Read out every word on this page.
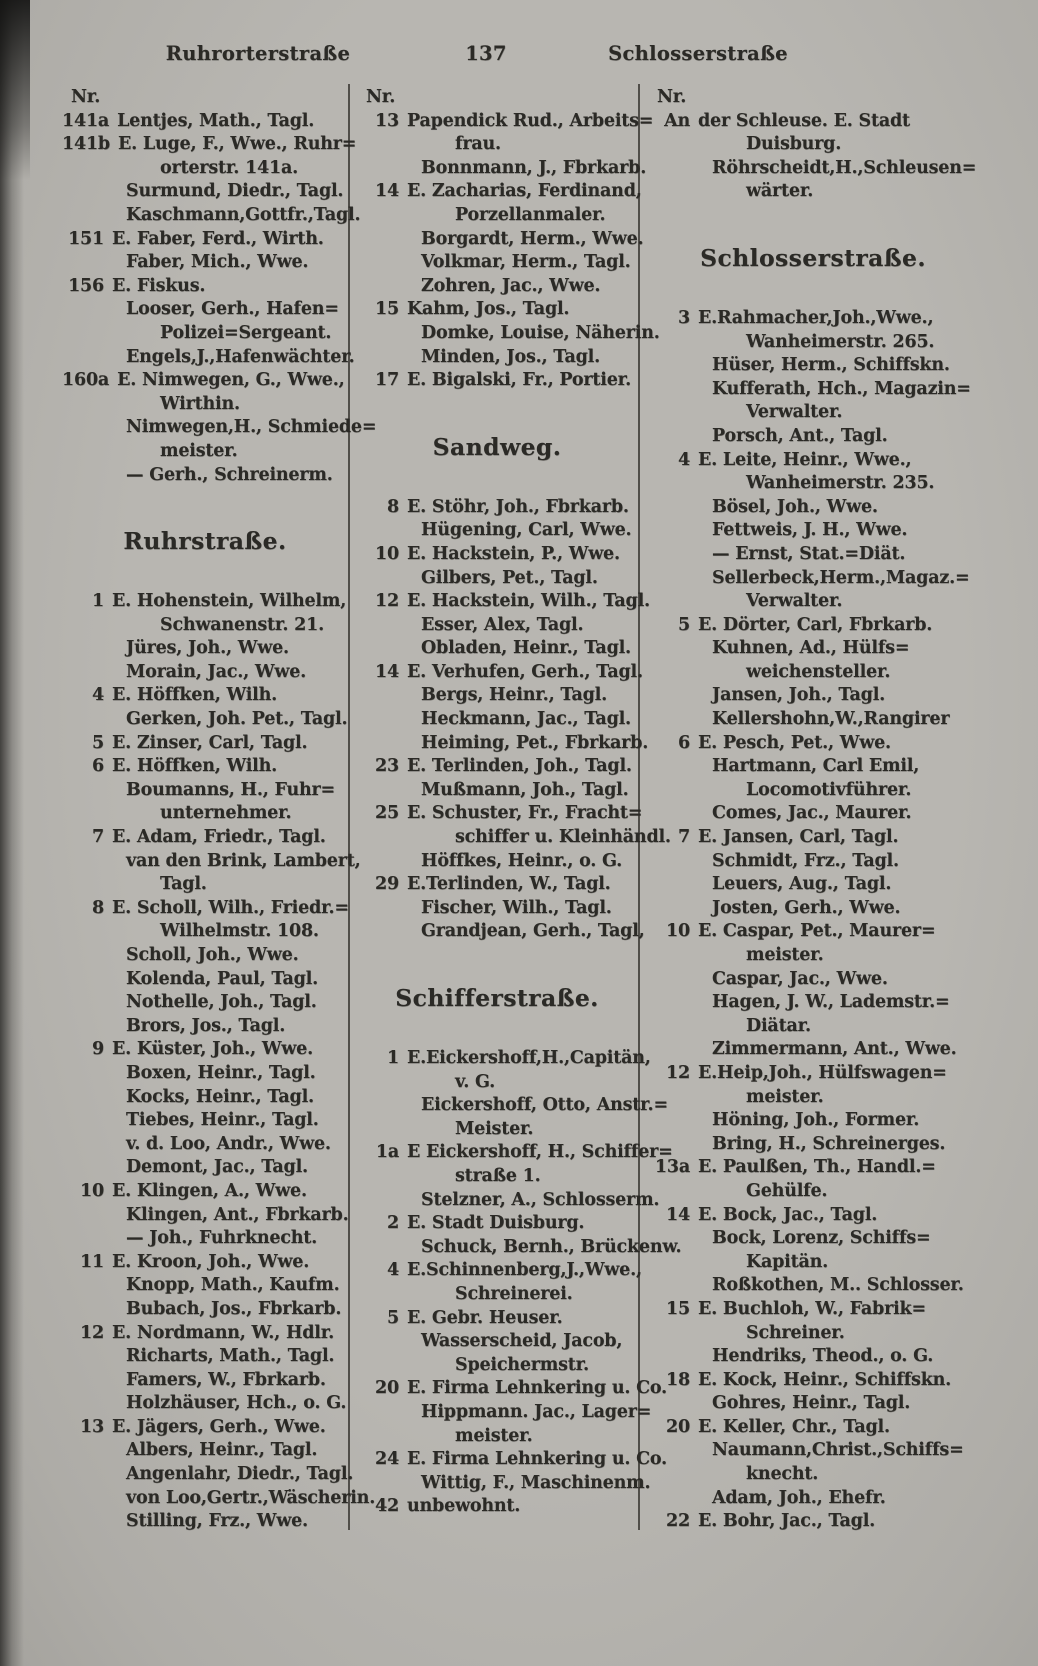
Ruhrorterstraße	137	Schlosserstraße
Nr.
141a Lentjes, Math., Tagl.
141b E. Luge, F., Wwe., Ruhr=
orterstr. 141a.
Surmund, Diedr., Tagl.
Kaschmann,Gottfr.,Tagl.
151 E. Faber, Ferd., Wirth.
Faber, Mich., Wwe.
156 E. Fiskus.
Looser, Gerh., Hafen=
Polizei=Sergeant.
Engels,J.,Hafenwächter.
160a E. Nimwegen, G., Wwe.,
Wirthin.
Nimwegen,H., Schmiede=
meister.
— Gerh., Schreinerm.
Ruhrstraße.
1 E. Hohenstein, Wilhelm,
Schwanenstr. 21.
Jüres, Joh., Wwe.
Morain, Jac., Wwe.
4 E. Höffken, Wilh.
Gerken, Joh. Pet., Tagl.
5 E. Zinser, Carl, Tagl.
6 E. Höffken, Wilh.
Boumanns, H., Fuhr=
unternehmer.
7 E. Adam, Friedr., Tagl.
van den Brink, Lambert,
Tagl.
8 E. Scholl, Wilh., Friedr.=
Wilhelmstr. 108.
Scholl, Joh., Wwe.
Kolenda, Paul, Tagl.
Nothelle, Joh., Tagl.
Brors, Jos., Tagl.
9 E. Küster, Joh., Wwe.
Boxen, Heinr., Tagl.
Kocks, Heinr., Tagl.
Tiebes, Heinr., Tagl.
v. d. Loo, Andr., Wwe.
Demont, Jac., Tagl.
10 E. Klingen, A., Wwe.
Klingen, Ant., Fbrkarb.
— Joh., Fuhrknecht.
11 E. Kroon, Joh., Wwe.
Knopp, Math., Kaufm.
Bubach, Jos., Fbrkarb.
12 E. Nordmann, W., Hdlr.
Richarts, Math., Tagl.
Famers, W., Fbrkarb.
Holzhäuser, Hch., o. G.
13 E. Jägers, Gerh., Wwe.
Albers, Heinr., Tagl.
Angenlahr, Diedr., Tagl.
von Loo,Gertr.,Wäscherin.
Stilling, Frz., Wwe.
Nr.
13 Papendick Rud., Arbeits=
frau.
Bonnmann, J., Fbrkarb.
14 E. Zacharias, Ferdinand,
Porzellanmaler.
Borgardt, Herm., Wwe.
Volkmar, Herm., Tagl.
Zohren, Jac., Wwe.
15 Kahm, Jos., Tagl.
Domke, Louise, Näherin.
Minden, Jos., Tagl.
17 E. Bigalski, Fr., Portier.
Sandweg.
8 E. Stöhr, Joh., Fbrkarb.
Hügening, Carl, Wwe.
10 E. Hackstein, P., Wwe.
Gilbers, Pet., Tagl.
12 E. Hackstein, Wilh., Tagl.
Esser, Alex, Tagl.
Obladen, Heinr., Tagl.
14 E. Verhufen, Gerh., Tagl.
Bergs, Heinr., Tagl.
Heckmann, Jac., Tagl.
Heiming, Pet., Fbrkarb.
23 E. Terlinden, Joh., Tagl.
Mußmann, Joh., Tagl.
25 E. Schuster, Fr., Fracht=
schiffer u. Kleinhändl.
Höffkes, Heinr., o. G.
29 E.Terlinden, W., Tagl.
Fischer, Wilh., Tagl.
Grandjean, Gerh., Tagl,
Schifferstraße.
1 E.Eickershoff,H.,Capitän,
v. G.
Eickershoff, Otto, Anstr.=
Meister.
1a E Eickershoff, H., Schiffer=
straße 1.
Stelzner, A., Schlosserm.
2 E. Stadt Duisburg.
Schuck, Bernh., Brückenw.
4 E.Schinnenberg,J.,Wwe.,
Schreinerei.
5 E. Gebr. Heuser.
Wasserscheid, Jacob,
Speichermstr.
20 E. Firma Lehnkering u. Co.
Hippmann. Jac., Lager=
meister.
24 E. Firma Lehnkering u. Co.
Wittig, F., Maschinenm.
42 unbewohnt.
Nr.
An der Schleuse. E. Stadt
Duisburg.
Röhrscheidt,H.,Schleusen=
wärter.
Schlosserstraße.
3 E.Rahmacher,Joh.,Wwe.,
Wanheimerstr. 265.
Hüser, Herm., Schiffskn.
Kufferath, Hch., Magazin=
Verwalter.
Porsch, Ant., Tagl.
4 E. Leite, Heinr., Wwe.,
Wanheimerstr. 235.
Bösel, Joh., Wwe.
Fettweis, J. H., Wwe.
— Ernst, Stat.=Diät.
Sellerbeck,Herm.,Magaz.=
Verwalter.
5 E. Dörter, Carl, Fbrkarb.
Kuhnen, Ad., Hülfs=
weichensteller.
Jansen, Joh., Tagl.
Kellershohn,W.,Rangirer
6 E. Pesch, Pet., Wwe.
Hartmann, Carl Emil,
Locomotivführer.
Comes, Jac., Maurer.
7 E. Jansen, Carl, Tagl.
Schmidt, Frz., Tagl.
Leuers, Aug., Tagl.
Josten, Gerh., Wwe.
10 E. Caspar, Pet., Maurer=
meister.
Caspar, Jac., Wwe.
Hagen, J. W., Lademstr.=
Diätar.
Zimmermann, Ant., Wwe.
12 E.Heip,Joh., Hülfswagen=
meister.
Höning, Joh., Former.
Bring, H., Schreinerges.
13a E. Paulßen, Th., Handl.=
Gehülfe.
14 E. Bock, Jac., Tagl.
Bock, Lorenz, Schiffs=
Kapitän.
Roßkothen, M.. Schlosser.
15 E. Buchloh, W., Fabrik=
Schreiner.
Hendriks, Theod., o. G.
18 E. Kock, Heinr., Schiffskn.
Gohres, Heinr., Tagl.
20 E. Keller, Chr., Tagl.
Naumann,Christ.,Schiffs=
knecht.
Adam, Joh., Ehefr.
22 E. Bohr, Jac., Tagl.
